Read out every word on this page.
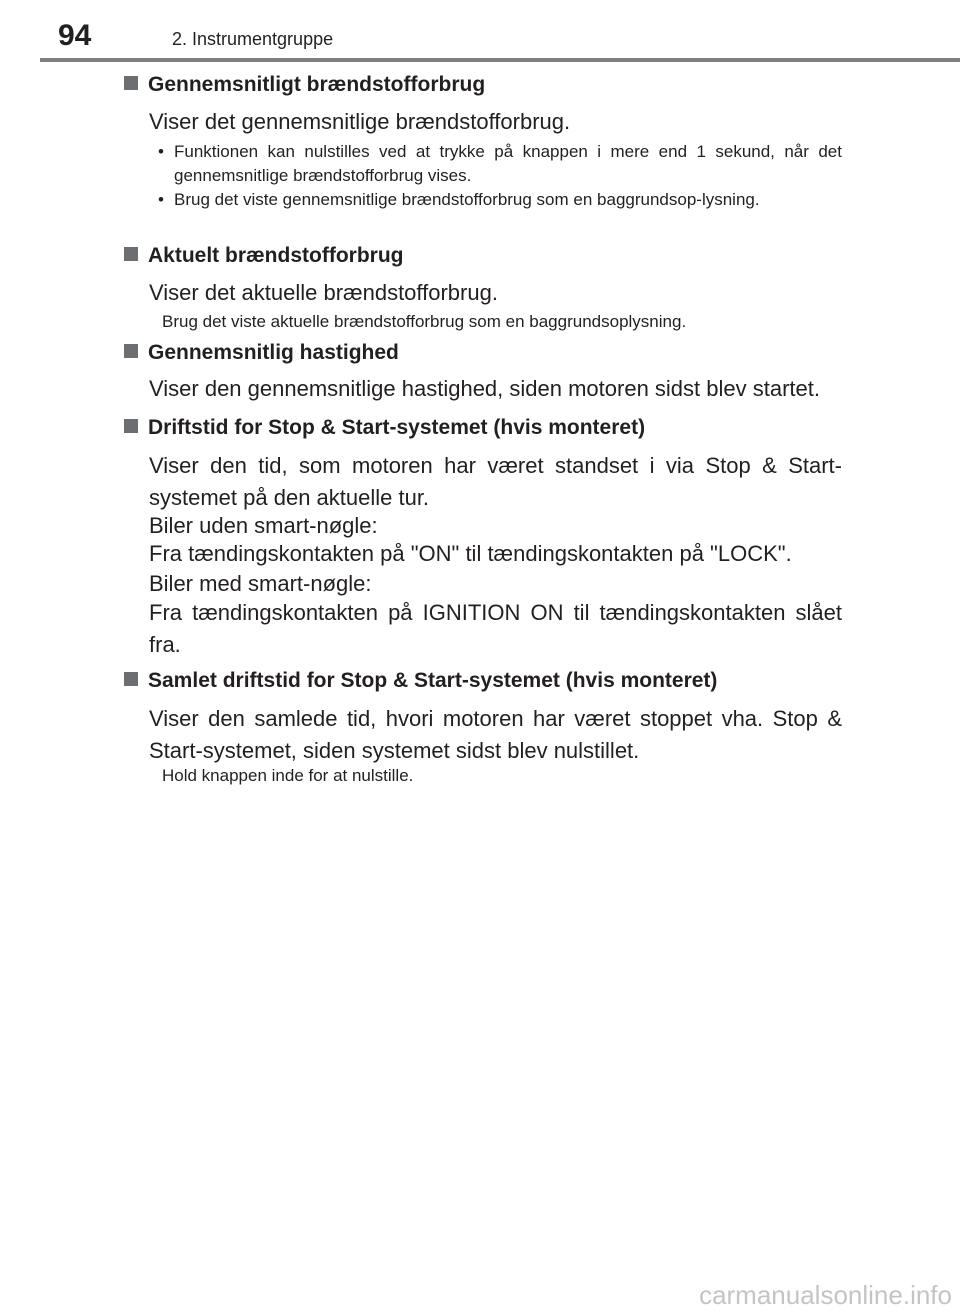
94	2. Instrumentgruppe
Gennemsnitligt brændstofforbrug
Viser det gennemsnitlige brændstofforbrug.
• Funktionen kan nulstilles ved at trykke på knappen i mere end 1 sekund, når det gennemsnitlige brændstofforbrug vises.
• Brug det viste gennemsnitlige brændstofforbrug som en baggrundsop-lysning.
Aktuelt brændstofforbrug
Viser det aktuelle brændstofforbrug.
Brug det viste aktuelle brændstofforbrug som en baggrundsoplysning.
Gennemsnitlig hastighed
Viser den gennemsnitlige hastighed, siden motoren sidst blev startet.
Driftstid for Stop & Start-systemet (hvis monteret)
Viser den tid, som motoren har været standset i via Stop & Start-systemet på den aktuelle tur.
Biler uden smart-nøgle:
Fra tændingskontakten på "ON" til tændingskontakten på "LOCK".
Biler med smart-nøgle:
Fra tændingskontakten på IGNITION ON til tændingskontakten slået fra.
Samlet driftstid for Stop & Start-systemet (hvis monteret)
Viser den samlede tid, hvori motoren har været stoppet vha. Stop & Start-systemet, siden systemet sidst blev nulstillet.
Hold knappen inde for at nulstille.
carmanualsonline.info
